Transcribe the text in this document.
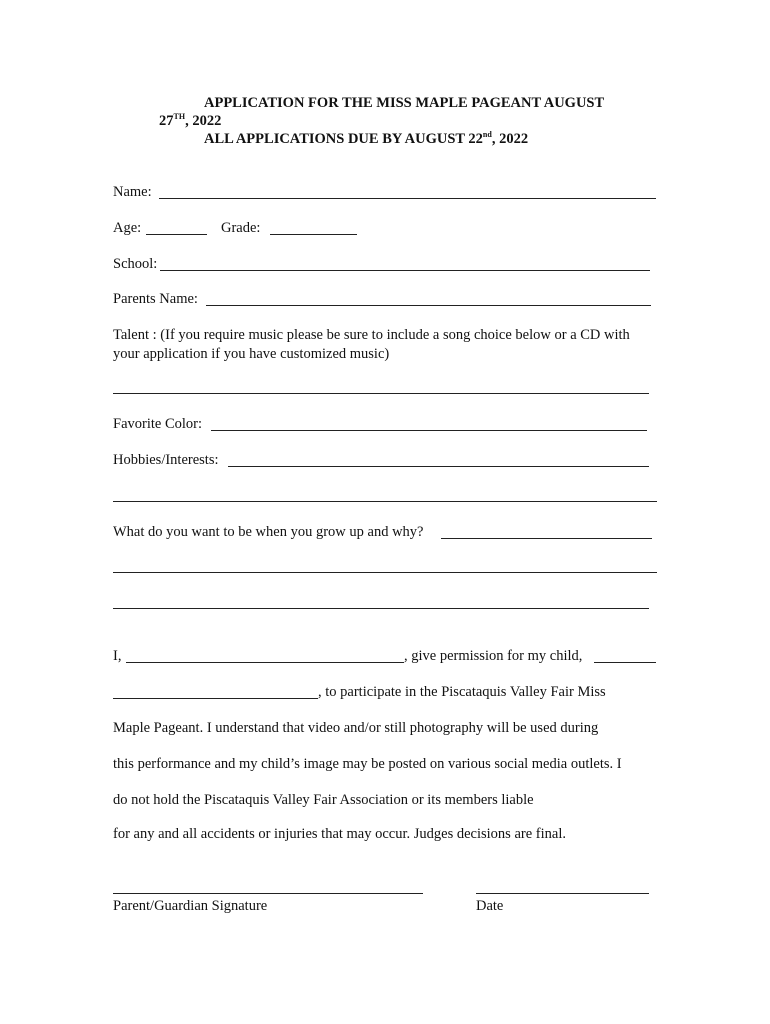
APPLICATION FOR THE MISS MAPLE PAGEANT AUGUST
27TH, 2022
ALL APPLICATIONS DUE BY AUGUST 22nd, 2022
Name:
Age:	Grade:
School:
Parents Name:
Talent : (If you require music please be sure to include a song choice below or a CD with
your application if you have customized music)
Favorite Color:
Hobbies/Interests:
What do you want to be when you grow up and why?
I,	, give permission for my child,
, to participate in the Piscataquis Valley Fair Miss
Maple Pageant. I understand that video and/or still photography will be used during
this performance and my child’s image may be posted on various social media outlets. I
do not hold the Piscataquis Valley Fair Association or its members liable
for any and all accidents or injuries that may occur. Judges decisions are final.
Parent/Guardian Signature	Date
